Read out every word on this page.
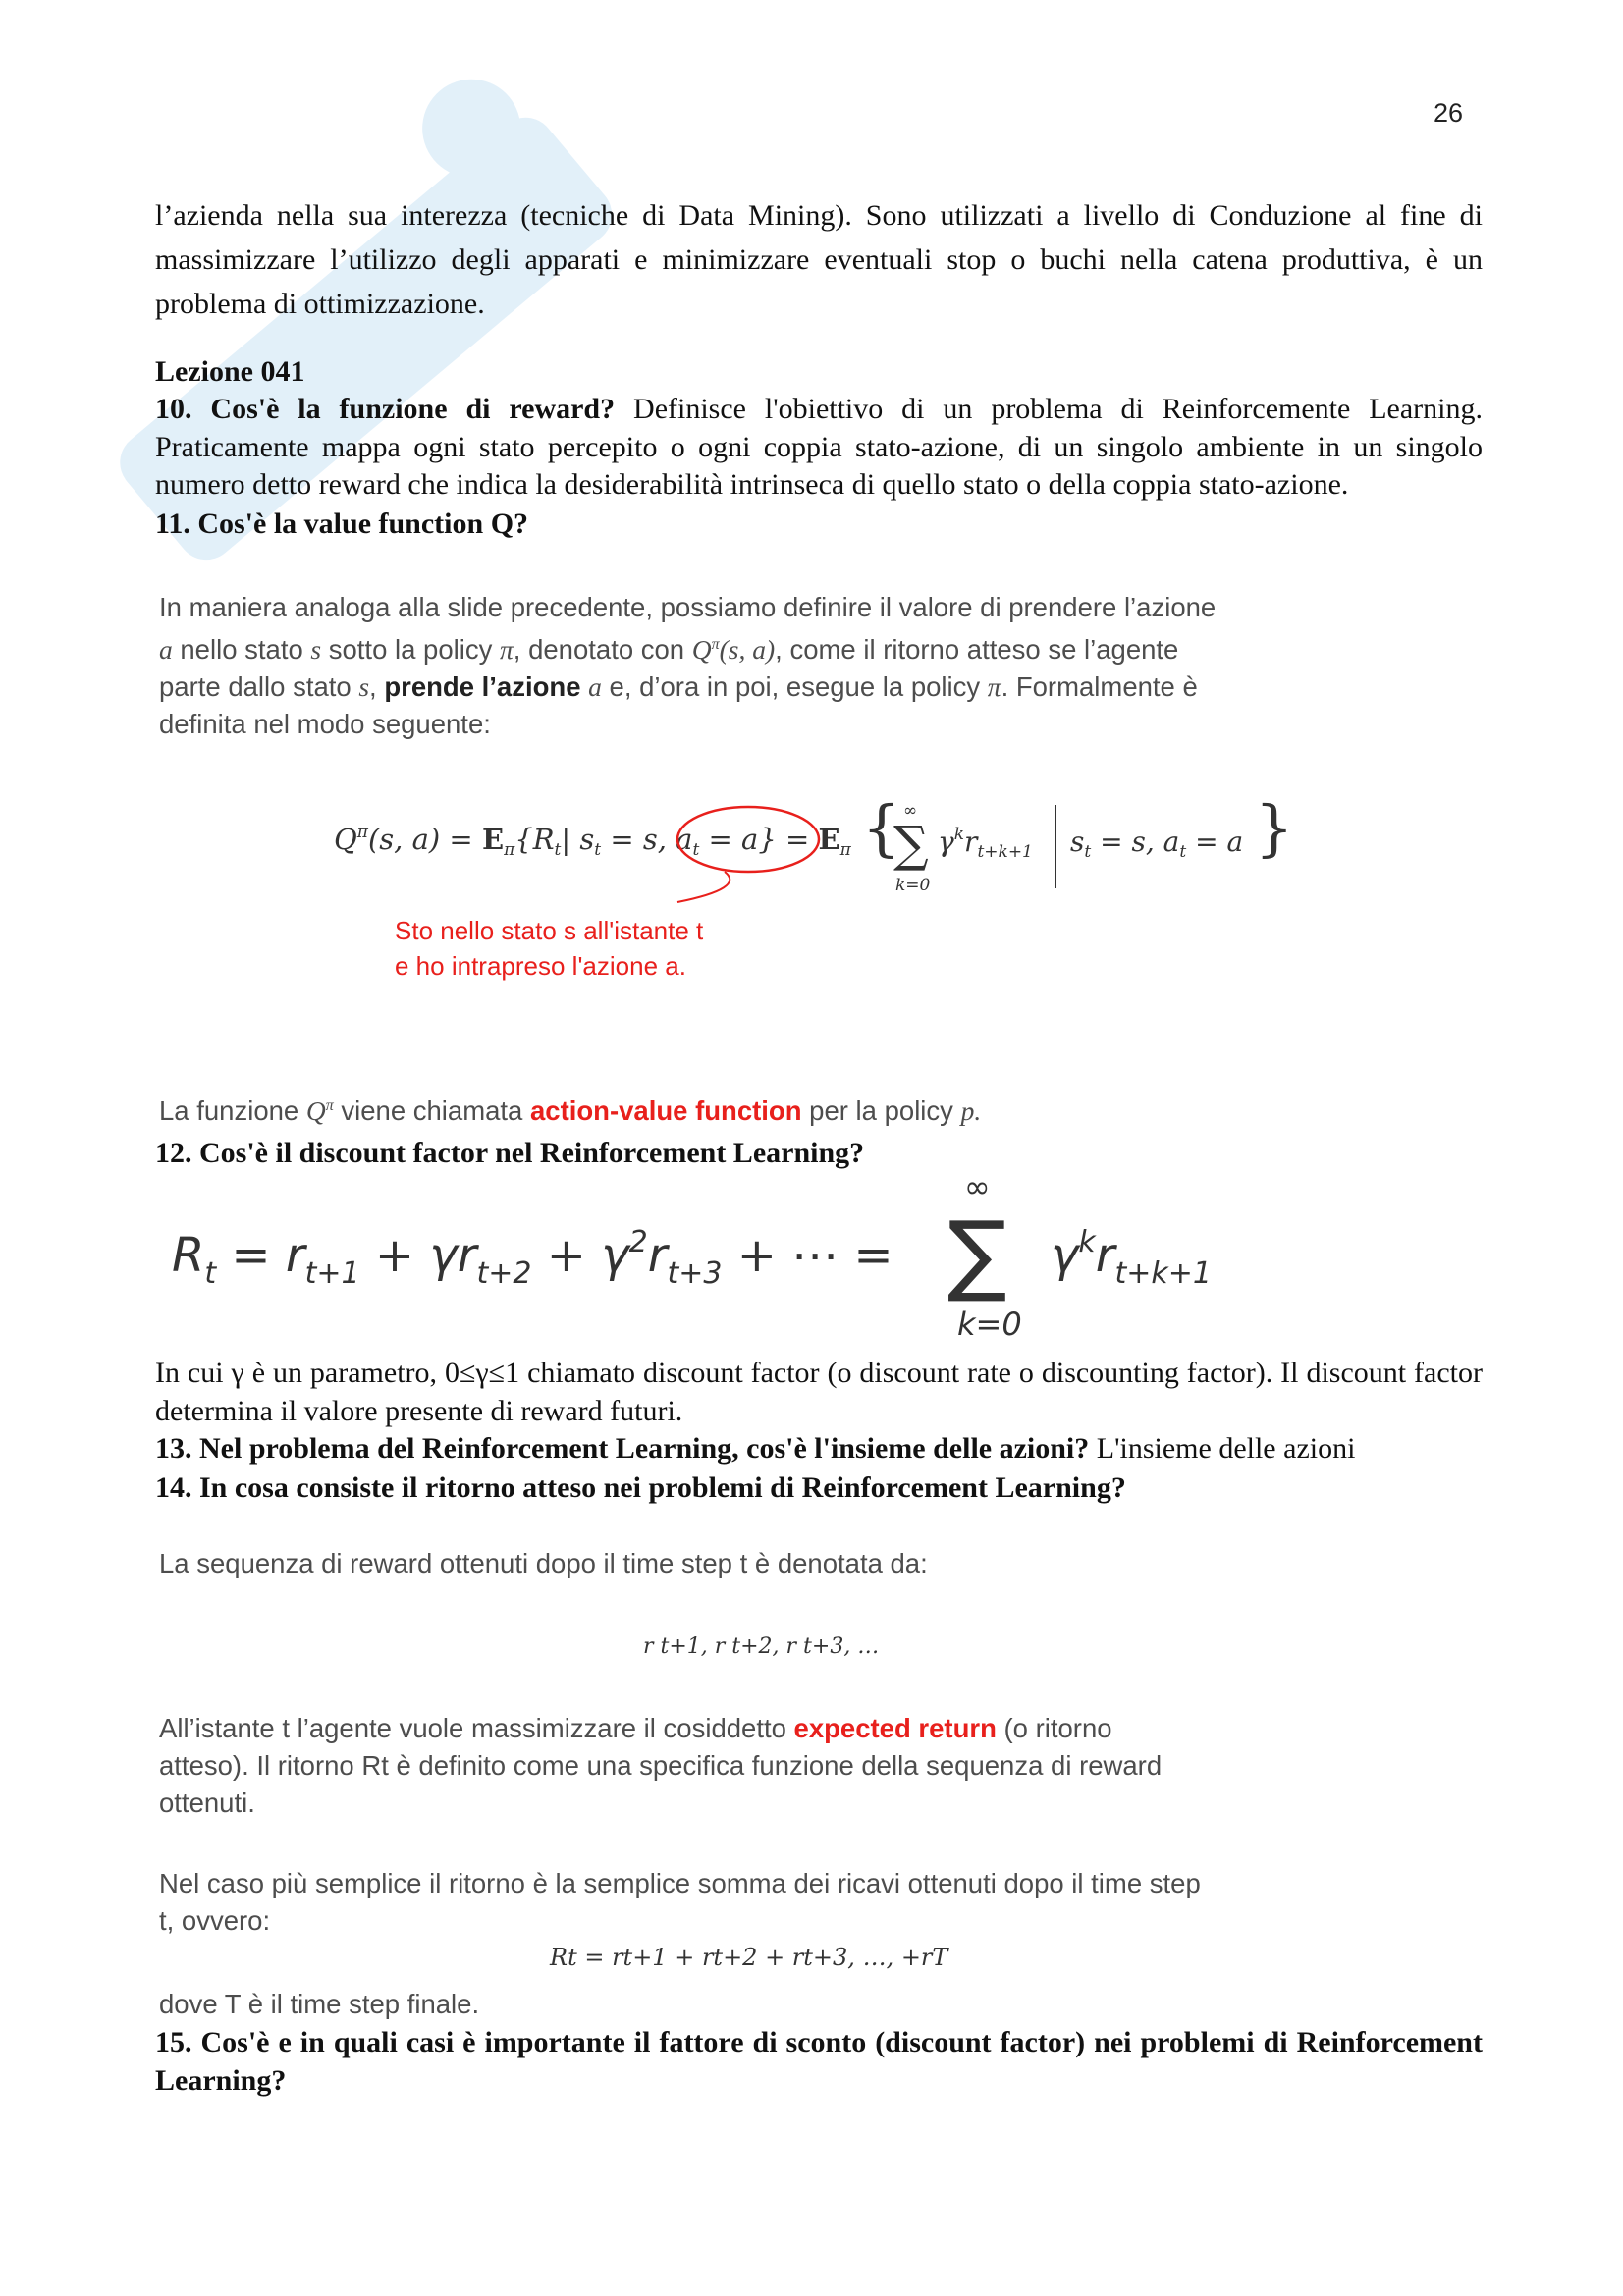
26

l’azienda nella sua interezza (tecniche di Data Mining). Sono utilizzati a livello di Conduzione al fine di massimizzare l’utilizzo degli apparati e minimizzare eventuali stop o buchi nella catena produttiva, è un problema di ottimizzazione.

Lezione 041

10. Cos'è la funzione di reward? Definisce l'obiettivo di un problema di Reinforcemente Learning. Praticamente mappa ogni stato percepito o ogni coppia stato-azione, di un singolo ambiente in un singolo numero detto reward che indica la desiderabilità intrinseca di quello stato o della coppia stato-azione.

11. Cos'è la value function Q?

In maniera analoga alla slide precedente, possiamo definire il valore di prendere l’azione
a nello stato s sotto la policy π, denotato con $Q^\pi(s$, a), come il ritorno atteso se l’agente
parte dallo stato s, prende l’azione a e, d’ora in poi, esegue la policy π. Formalmente è
definita nel modo seguente:
$Q^\pi(s$, $a) = E_\pi\{R_t|$ $s_t = s$, $a_t = a\} = E_\pi$ { ∞
∑
k=0
$\gamma^kr_{t+k+1}$ $s_t = s$, $a_t = a$ }
Sto nello stato s all'istante t
e ho intrapreso l'azione a.
La funzione $Q^\pi$ viene chiamata action-value function per la policy p.

12. Cos'è il discount factor nel Reinforcement Learning?

$R_t = r_{t+1} + \gamma r_{t+2} + \gamma^2r_{t+3}$ + ⋯ =
∞
∑
k=0
$\gamma^kr_{t+k+1}$

In cui γ è un parametro, 0≤γ≤1 chiamato discount factor (o discount rate o discounting factor). Il discount factor determina il valore presente di reward futuri.

13. Nel problema del Reinforcement Learning, cos'è l'insieme delle azioni? L'insieme delle azioni

14. In cosa consiste il ritorno atteso nei problemi di Reinforcement Learning?

La sequenza di reward ottenuti dopo il time step t è denotata da:
r t+1, r t+2, r t+3, …
All’istante t l’agente vuole massimizzare il cosiddetto expected return (o ritorno
atteso). Il ritorno Rt è definito come una specifica funzione della sequenza di reward
ottenuti.
Nel caso più semplice il ritorno è la semplice somma dei ricavi ottenuti dopo il time step
t, ovvero:
Rt = rt+1 + rt+2 + rt+3, …, +rT
dove T è il time step finale.

15. Cos'è e in quali casi è importante il fattore di sconto (discount factor) nei problemi di Reinforcement Learning?
